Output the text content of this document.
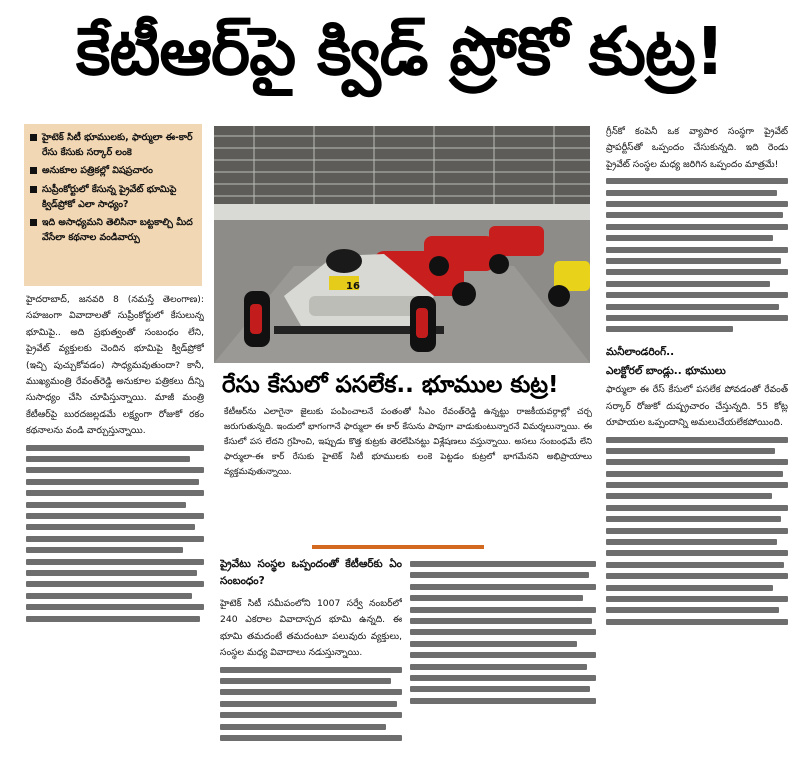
కేటీఆర్‌పై క్విడ్ ప్రోకో కుట్ర!
హైటెక్ సిటీ భూములకు, ఫార్ములా ఈ-కార్ రేసు కేసుకు సర్కార్ లంకె
అనుకూల పత్రికల్లో విషప్రచారం
సుప్రీంకోర్టులో కేసున్న ప్రైవేట్ భూమిపై క్విడ్‌ప్రోకో ఎలా సాధ్యం?
ఇది అసాధ్యమని తెలిసినా బట్టకాల్చి మీద వేసేలా కథనాల వండివార్పు

హైదరాబాద్, జనవరి 8 (నమస్తే తెలంగాణ): సహజంగా వివాదాలతో సుప్రీంకోర్టులో కేసులున్న భూమిపై.. అది ప్రభుత్వంతో సంబంధం లేని, ప్రైవేట్ వ్యక్తులకు చెందిన భూమిపై క్విడ్‌ప్రోకో (ఇచ్చి పుచ్చుకోవడం) సాధ్యమవుతుందా? కానీ, ముఖ్యమంత్రి రేవంత్‌రెడ్డి అనుకూల పత్రికలు దీన్ని సుసాధ్యం చేసి చూపిస్తున్నాయి. మాజీ మంత్రి కేటీఆర్‌పై బురదజల్లడమే లక్ష్యంగా రోజుకో రకం కథనాలను వండి వార్చుస్తున్నాయి.

16
రేసు కేసులో పసలేక.. భూముల కుట్ర!

కేటీఆర్‌ను ఎలాగైనా జైలుకు పంపించాలనే పంతంతో సీఎం రేవంత్‌రెడ్డి ఉన్నట్టు రాజకీయవర్గాల్లో చర్చ జరుగుతున్నది. ఇందులో భాగంగానే ఫార్ములా ఈ కార్ కేసును పావుగా వాడుకుంటున్నారనే విమర్శలున్నాయి. ఈ కేసులో పస లేదని గ్రహించి, ఇప్పుడు కొత్త కుట్రకు తెరలేపినట్టు విశ్లేషణలు వస్తున్నాయి. అసలు సంబంధమే లేని ఫార్ములా-ఈ కార్ రేసుకు హైటెక్ సిటీ భూములకు లంకె పెట్టడం కుట్రలో భాగమేనని అభిప్రాయాలు వ్యక్తమవుతున్నాయి.

ప్రైవేటు సంస్థల ఒప్పందంతో కేటీఆర్‌కు ఏం సంబంధం?

హైటెక్ సిటీ సమీపంలోని 1007 సర్వే నంబర్‌లో 240 ఎకరాల వివాదాస్పద భూమి ఉన్నది. ఈ భూమి తమదంటే తమదంటూ పలువురు వ్యక్తులు, సంస్థల మధ్య వివాదాలు నడుస్తున్నాయి.

గ్రీన్‌కో కంపెనీ ఒక వ్యాపార సంస్థగా ప్రైవేట్ ప్రాపర్టీస్‌తో ఒప్పందం చేసుకున్నది. ఇది రెండు ప్రైవేట్ సంస్థల మధ్య జరిగిన ఒప్పందం మాత్రమే!

మనీలాండరింగ్..
ఎలక్టోరల్ బాండ్లు.. భూములు

ఫార్ములా ఈ రేస్ కేసులో పసలేక పోవడంతో రేవంత్ సర్కార్ రోజుకో దుష్ప్రచారం చేస్తున్నది. 55 కోట్ల రూపాయల ఒప్పందాన్ని అమలుచేయలేకపోయింది.
